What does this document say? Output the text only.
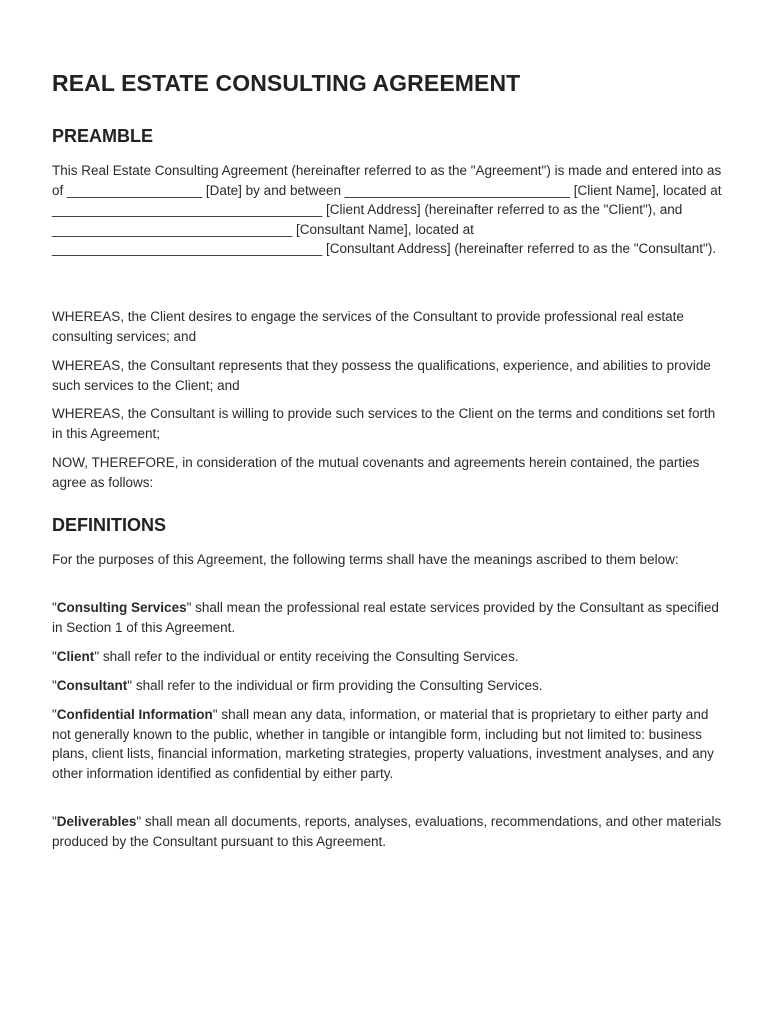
REAL ESTATE CONSULTING AGREEMENT
PREAMBLE

This Real Estate Consulting Agreement (hereinafter referred to as the "Agreement") is made and entered into as of __________________ [Date] by and between ______________________________ [Client Name], located at ____________________________________ [Client Address] (hereinafter referred to as the "Client"), and ________________________________ [Consultant Name], located at ____________________________________ [Consultant Address] (hereinafter referred to as the "Consultant").

WHEREAS, the Client desires to engage the services of the Consultant to provide professional real estate consulting services; and

WHEREAS, the Consultant represents that they possess the qualifications, experience, and abilities to provide such services to the Client; and

WHEREAS, the Consultant is willing to provide such services to the Client on the terms and conditions set forth in this Agreement;

NOW, THEREFORE, in consideration of the mutual covenants and agreements herein contained, the parties agree as follows:

DEFINITIONS

For the purposes of this Agreement, the following terms shall have the meanings ascribed to them below:

"Consulting Services" shall mean the professional real estate services provided by the Consultant as specified in Section 1 of this Agreement.

"Client" shall refer to the individual or entity receiving the Consulting Services.

"Consultant" shall refer to the individual or firm providing the Consulting Services.

"Confidential Information" shall mean any data, information, or material that is proprietary to either party and not generally known to the public, whether in tangible or intangible form, including but not limited to: business plans, client lists, financial information, marketing strategies, property valuations, investment analyses, and any other information identified as confidential by either party.

"Deliverables" shall mean all documents, reports, analyses, evaluations, recommendations, and other materials produced by the Consultant pursuant to this Agreement.
